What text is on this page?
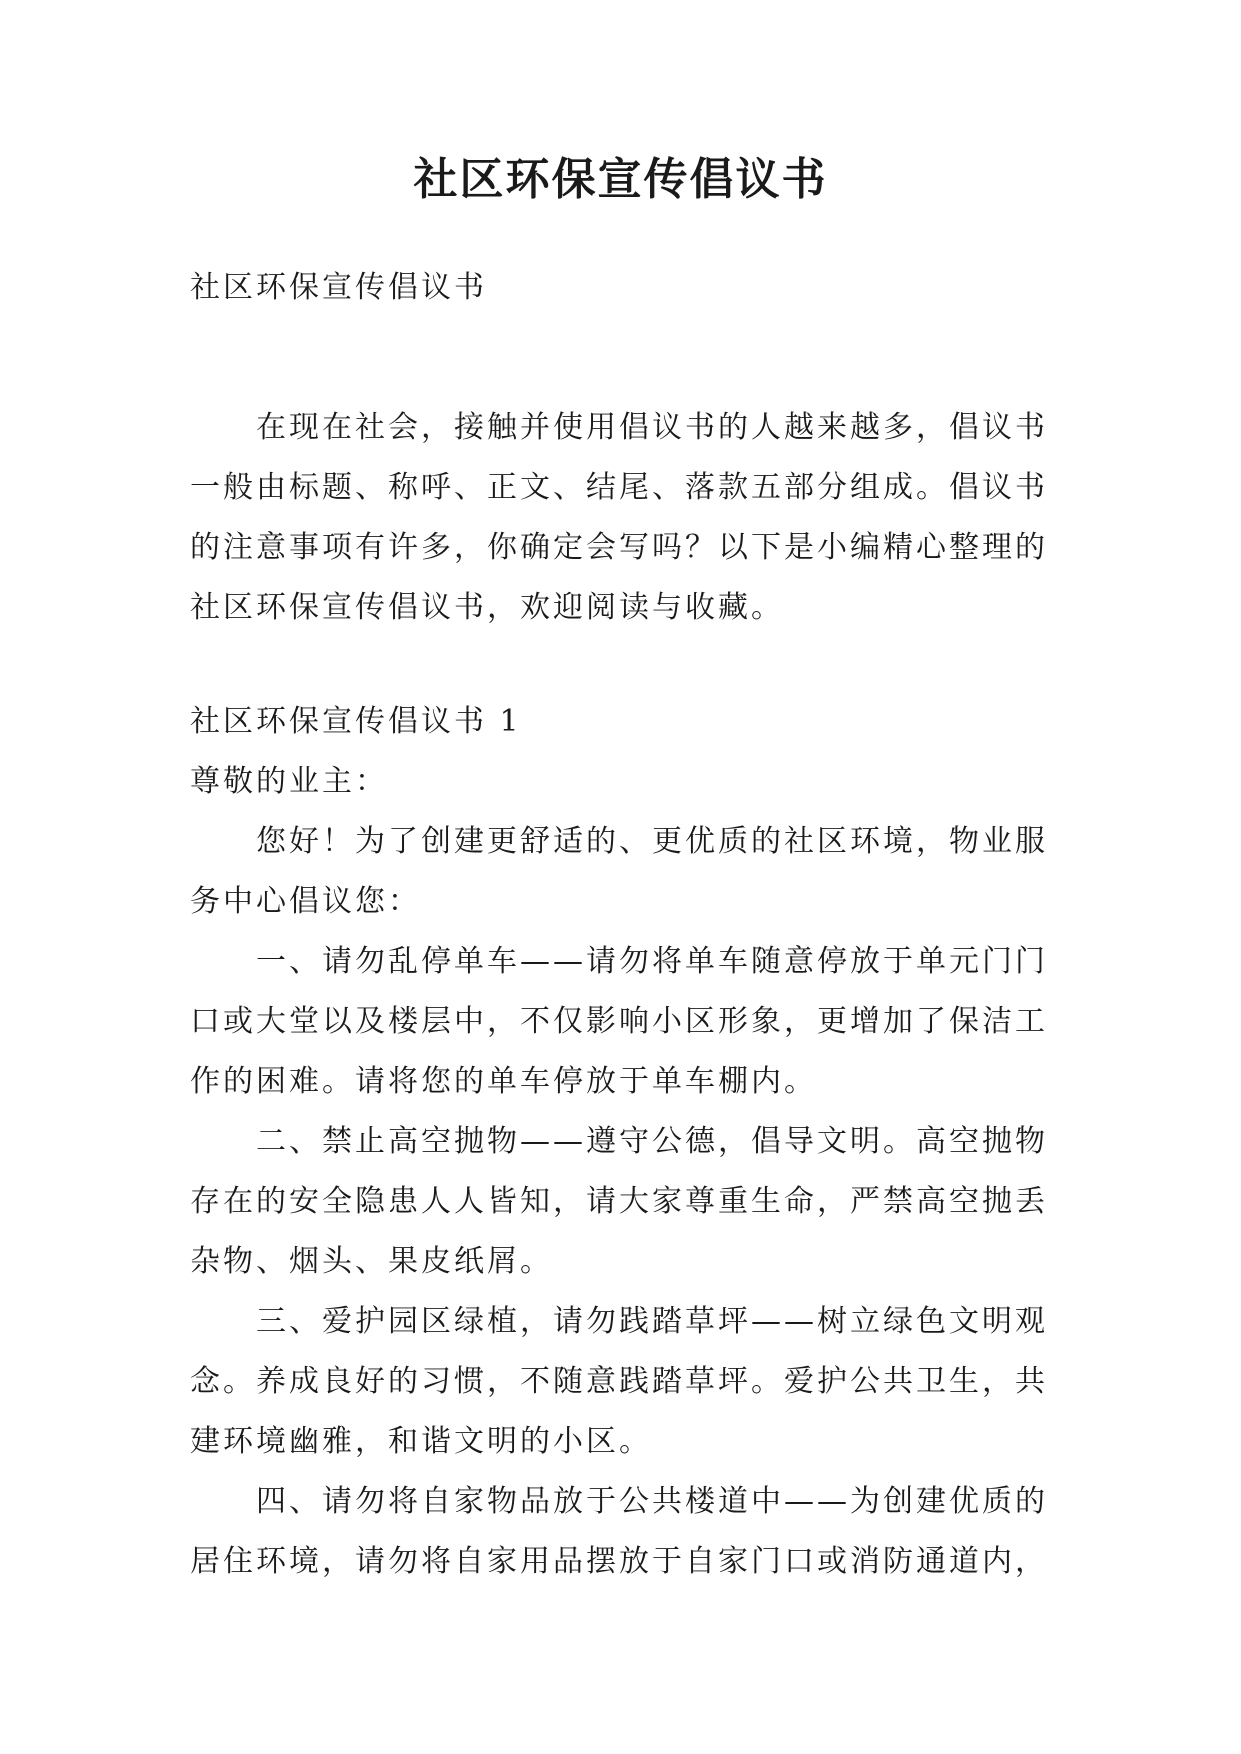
社区环保宣传倡议书

社区环保宣传倡议书

在现在社会，接触并使用倡议书的人越来越多，倡议书
一般由标题、称呼、正文、结尾、落款五部分组成。倡议书
的注意事项有许多，你确定会写吗？以下是小编精心整理的
社区环保宣传倡议书，欢迎阅读与收藏。
社区环保宣传倡议书 1
尊敬的业主：
您好！为了创建更舒适的、更优质的社区环境，物业服
务中心倡议您：
一、请勿乱停单车——请勿将单车随意停放于单元门门
口或大堂以及楼层中，不仅影响小区形象，更增加了保洁工
作的困难。请将您的单车停放于单车棚内。
二、禁止高空抛物——遵守公德，倡导文明。高空抛物
存在的安全隐患人人皆知，请大家尊重生命，严禁高空抛丢
杂物、烟头、果皮纸屑。
三、爱护园区绿植，请勿践踏草坪——树立绿色文明观
念。养成良好的习惯，不随意践踏草坪。爱护公共卫生，共
建环境幽雅，和谐文明的小区。
四、请勿将自家物品放于公共楼道中——为创建优质的
居住环境，请勿将自家用品摆放于自家门口或消防通道内，
